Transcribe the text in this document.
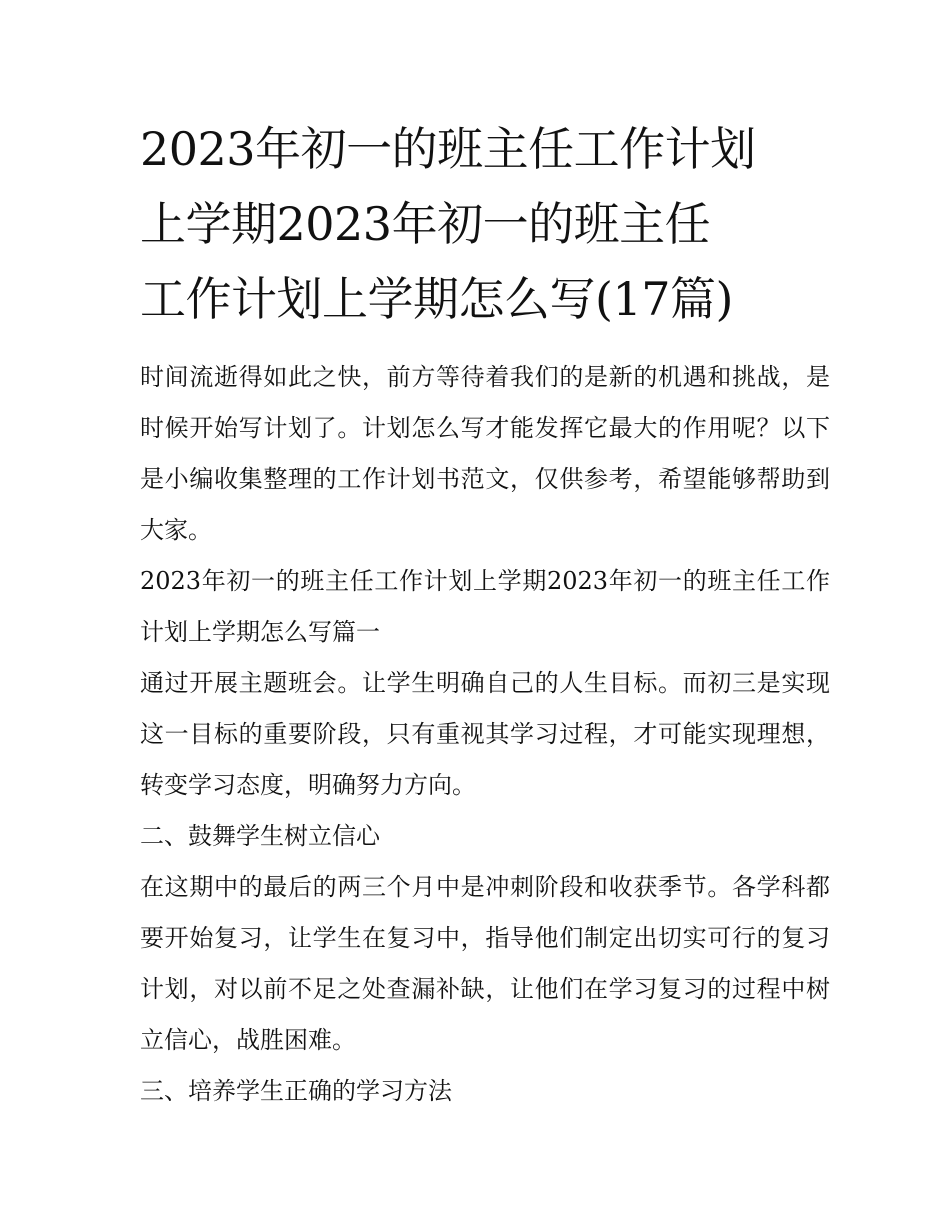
2023年初一的班主任工作计划
上学期2023年初一的班主任
工作计划上学期怎么写(17篇)

时间流逝得如此之快，前方等待着我们的是新的机遇和挑战，是时候开始写计划了。计划怎么写才能发挥它最大的作用呢？以下是小编收集整理的工作计划书范文，仅供参考，希望能够帮助到大家。

2023年初一的班主任工作计划上学期2023年初一的班主任工作计划上学期怎么写篇一

通过开展主题班会。让学生明确自己的人生目标。而初三是实现这一目标的重要阶段，只有重视其学习过程，才可能实现理想，转变学习态度，明确努力方向。

二、鼓舞学生树立信心

在这期中的最后的两三个月中是冲刺阶段和收获季节。各学科都要开始复习，让学生在复习中，指导他们制定出切实可行的复习计划，对以前不足之处查漏补缺，让他们在学习复习的过程中树立信心，战胜困难。

三、培养学生正确的学习方法
